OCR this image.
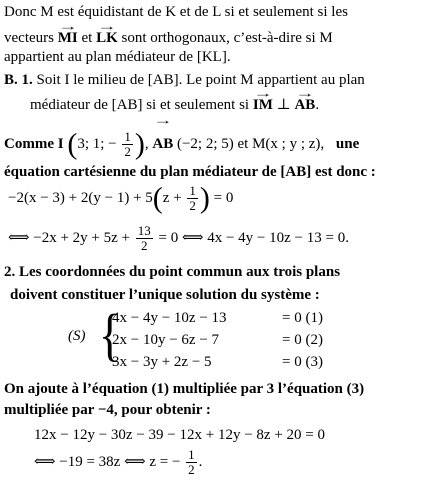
Donc M est équidistant de K et de L si et seulement si les
vecteurs → MI et → LK sont orthogonaux, c’est-à-dire si M
appartient au plan médiateur de [KL].
B. 1. Soit I le milieu de [AB]. Le point M appartient au plan
médiateur de [AB] si et seulement si → IM ⊥ → AB.
Comme I (3; 1; − $\frac{1}{2}$ ), → AB (−2; 2; 5) et M(x ; y ; z), une
équation cartésienne du plan médiateur de [AB] est donc :
$-2(x - 3) + 2(y - 1) + 5(z + \frac{1}{2}$ ) = 0
⟺ $-2x + 2y + 5z + \frac{13}{2} = 0$ ⟺ 4x − 4y − 10z − 13 = 0.
2. Les coordonnées du point commun aux trois plans
doivent constituer l’unique solution du système :
(S) {
4x − 4y − 10z − 13	= 0 (1)
2x − 10y − 6z − 7	= 0 (2)
3x − 3y + 2z − 5	= 0 (3)
On ajoute à l’équation (1) multipliée par 3 l’équation (3)
multipliée par −4, pour obtenir :
12x − 12y − 30z − 39 − 12x + 12y − 8z + 20 = 0
⟺ −19 = 38z ⟺ z = − $\frac{1}{2}$ .
